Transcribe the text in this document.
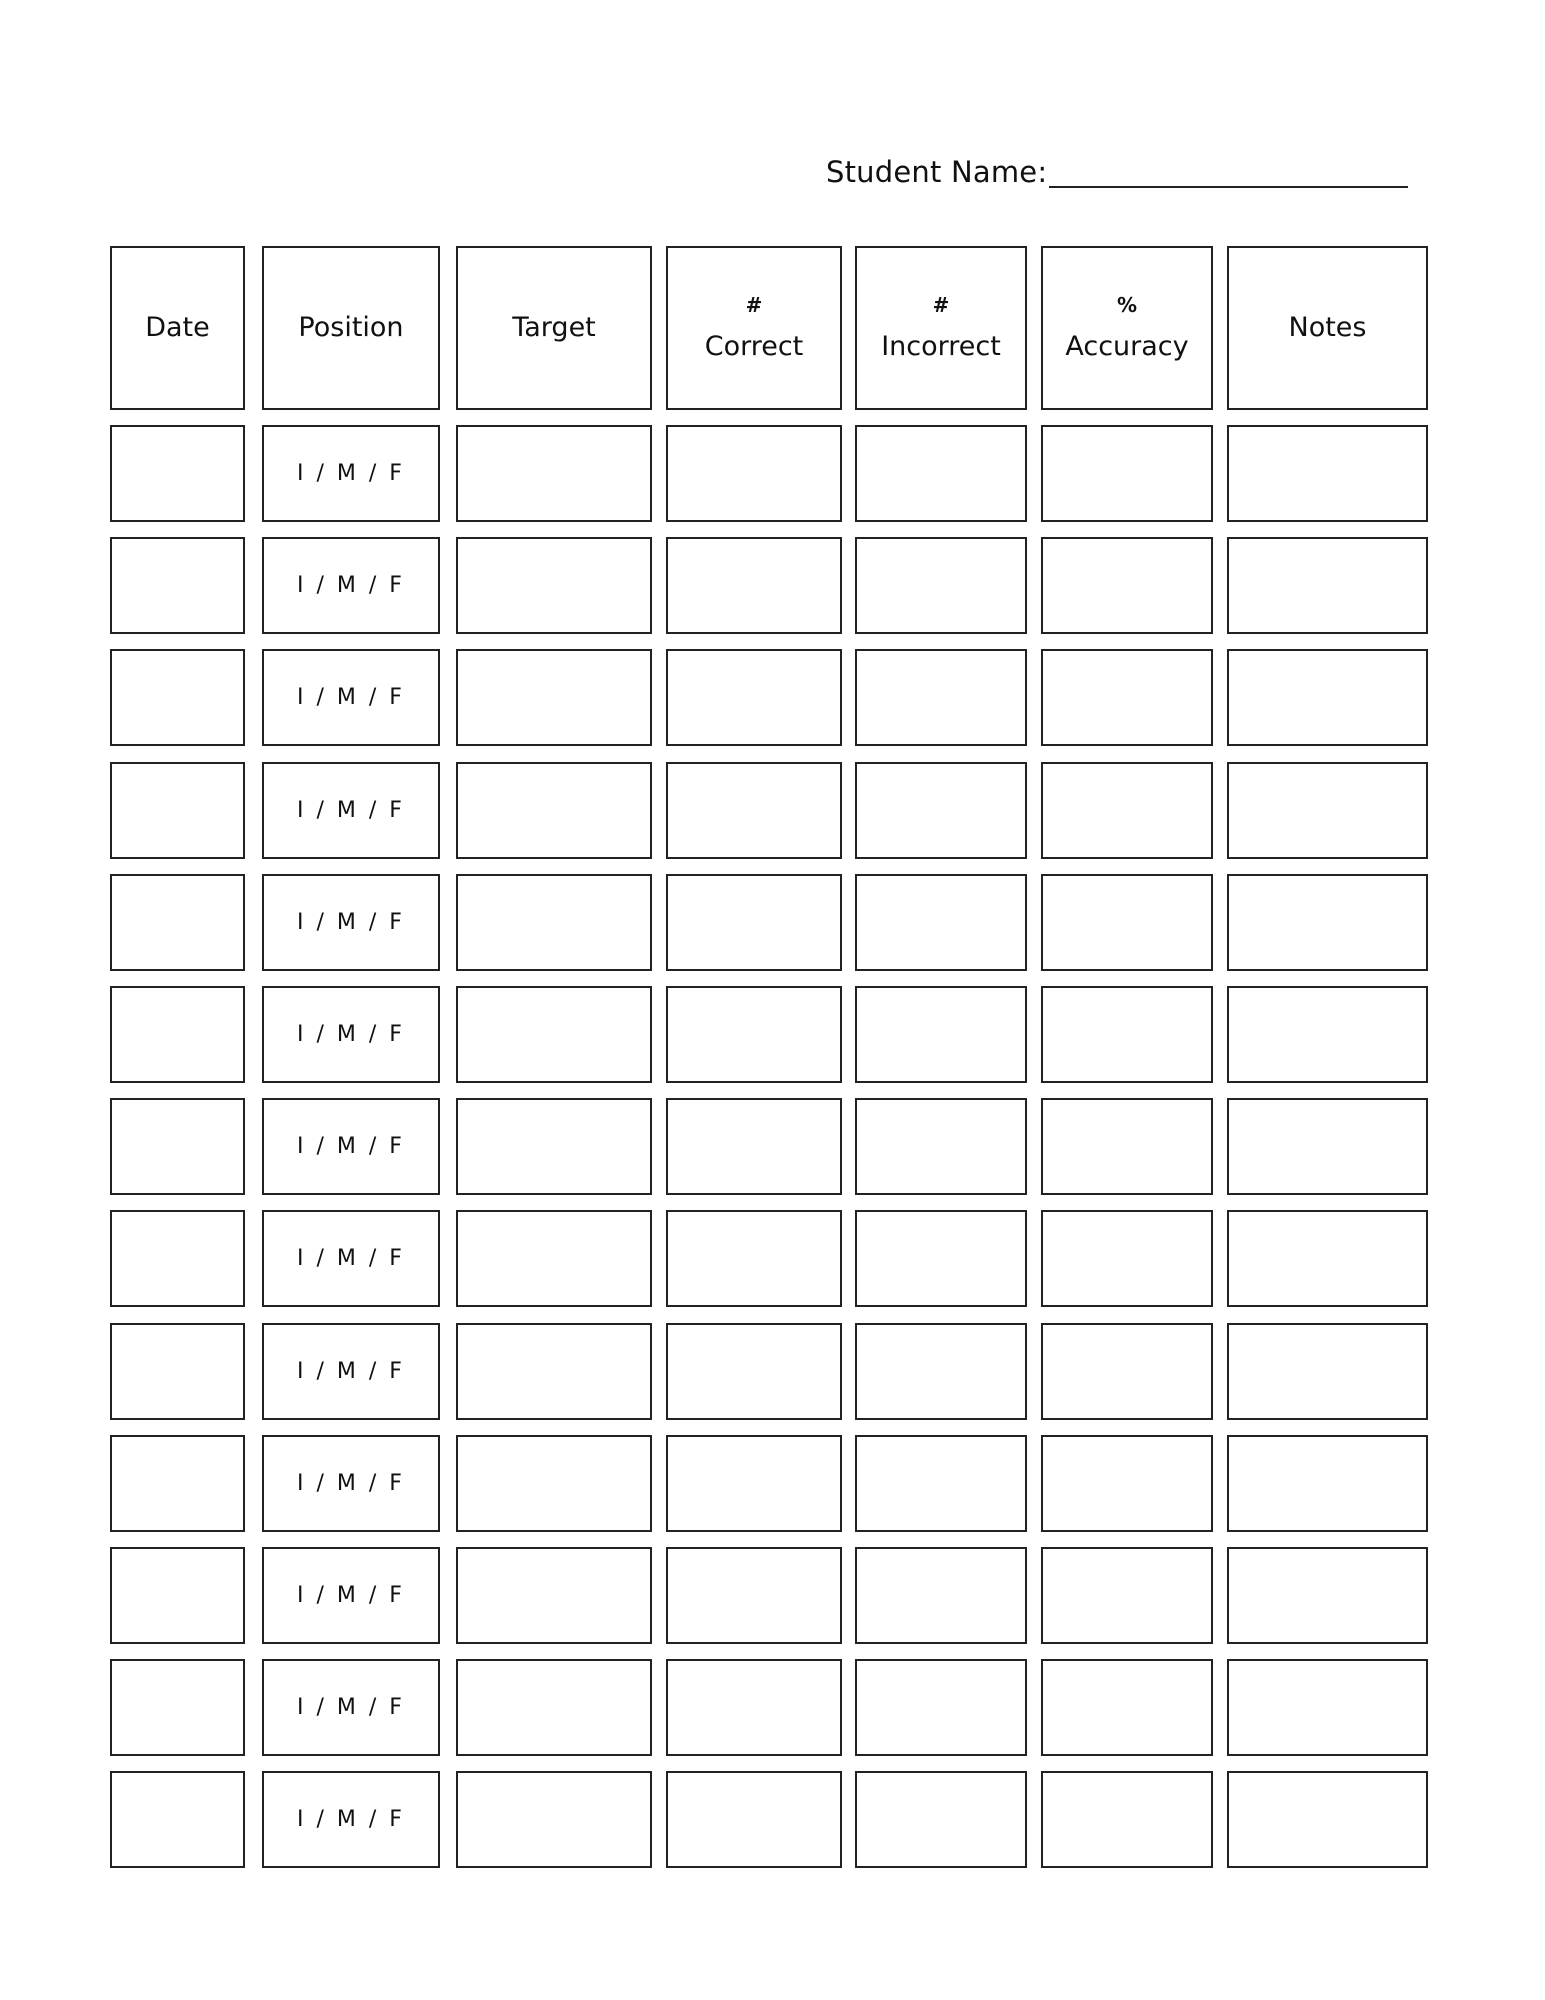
Student Name:
Date	Position	Target
#
Correct
#
Incorrect
%
Accuracy
Notes
I / M / F
I / M / F
I / M / F
I / M / F
I / M / F
I / M / F
I / M / F
I / M / F
I / M / F
I / M / F
I / M / F
I / M / F
I / M / F
